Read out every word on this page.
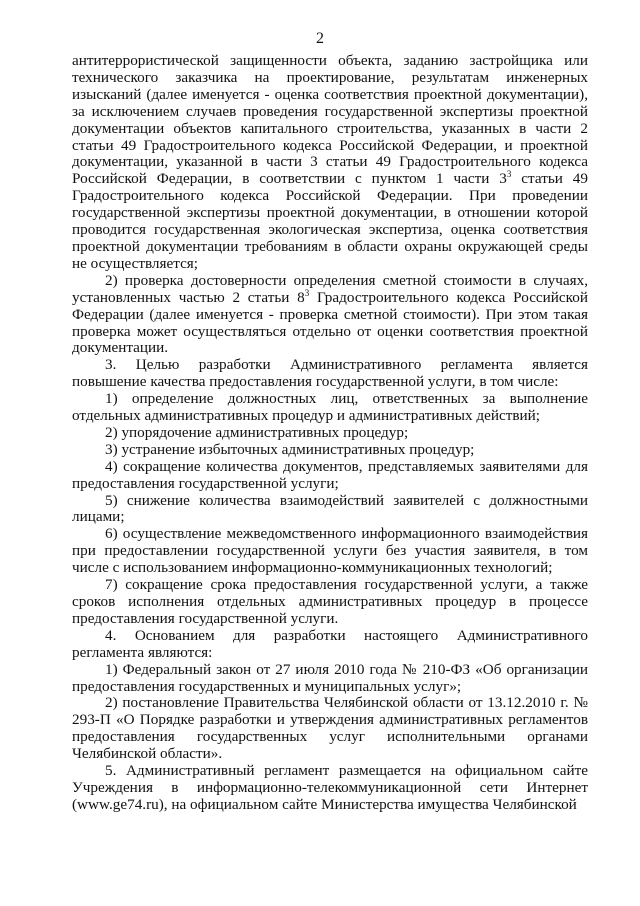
2

антитеррористической защищенности объекта, заданию застройщика или технического заказчика на проектирование, результатам инженерных изысканий (далее именуется - оценка соответствия проектной документации), за исключением случаев проведения государственной экспертизы проектной документации объектов капитального строительства, указанных в части 2 статьи 49 Градостроительного кодекса Российской Федерации, и проектной документации, указанной в части 3 статьи 49 Градостроительного кодекса Российской Федерации, в соответствии с пунктом 1 части $3^3$ статьи 49 Градостроительного кодекса Российской Федерации. При проведении государственной экспертизы проектной документации, в отношении которой проводится государственная экологическая экспертиза, оценка соответствия проектной документации требованиям в области охраны окружающей среды не осуществляется;

2) проверка достоверности определения сметной стоимости в случаях, установленных частью 2 статьи $8^3$ Градостроительного кодекса Российской Федерации (далее именуется - проверка сметной стоимости). При этом такая проверка может осуществляться отдельно от оценки соответствия проектной документации.

3. Целью разработки Административного регламента является повышение качества предоставления государственной услуги, в том числе:

1) определение должностных лиц, ответственных за выполнение отдельных административных процедур и административных действий;

2) упорядочение административных процедур;

3) устранение избыточных административных процедур;

4) сокращение количества документов, представляемых заявителями для предоставления государственной услуги;

5) снижение количества взаимодействий заявителей с должностными лицами;

6) осуществление межведомственного информационного взаимодействия при предоставлении государственной услуги без участия заявителя, в том числе с использованием информационно-коммуникационных технологий;

7) сокращение срока предоставления государственной услуги, а также сроков исполнения отдельных административных процедур в процессе предоставления государственной услуги.

4. Основанием для разработки настоящего Административного регламента являются:

1) Федеральный закон от 27 июля 2010 года № 210-ФЗ «Об организации предоставления государственных и муниципальных услуг»;

2) постановление Правительства Челябинской области от 13.12.2010 г. № 293-П «О Порядке разработки и утверждения административных регламентов предоставления государственных услуг исполнительными органами Челябинской области».

5. Административный регламент размещается на официальном сайте Учреждения в информационно-телекоммуникационной сети Интернет (www.ge74.ru), на официальном сайте Министерства имущества Челябинской
